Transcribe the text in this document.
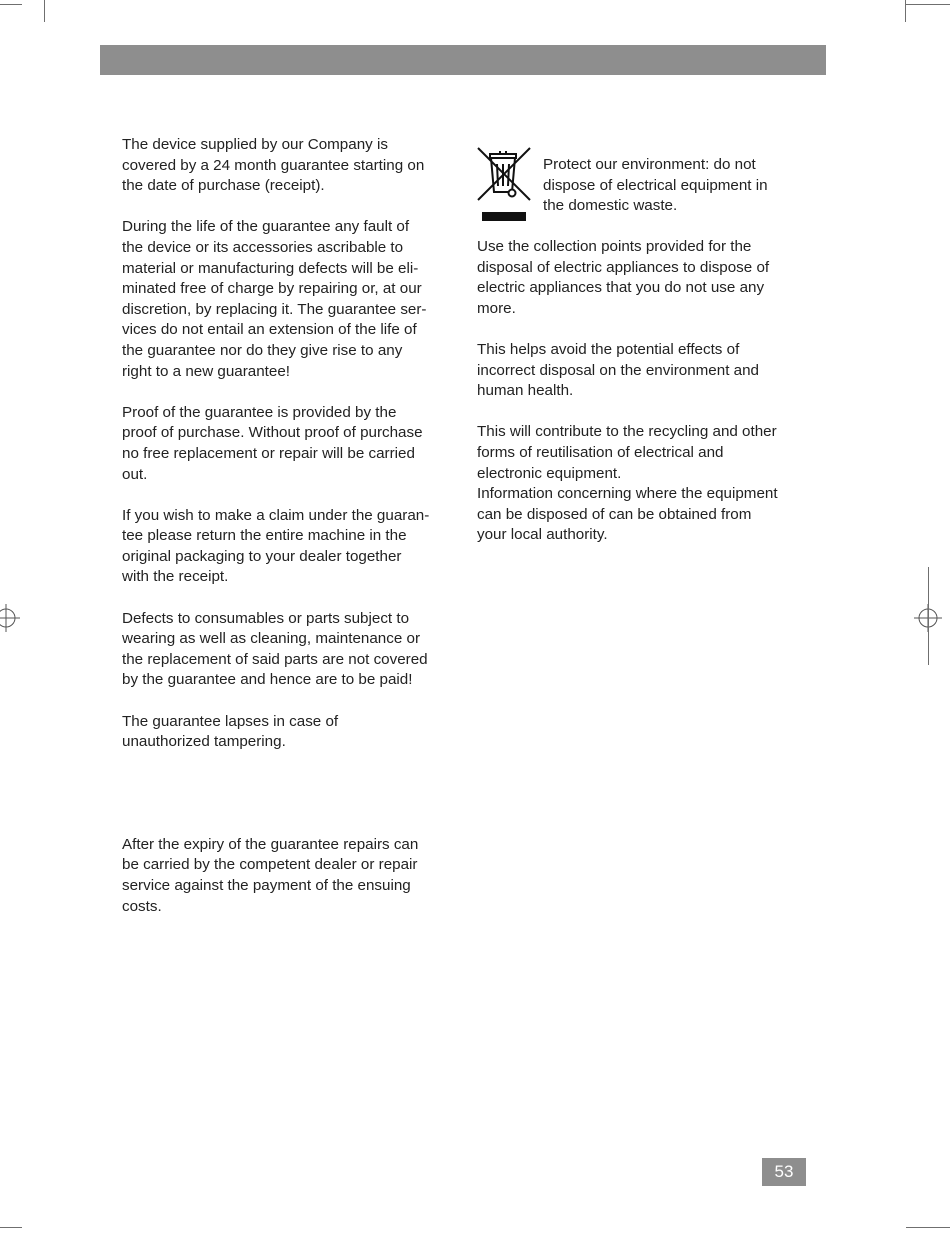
The device supplied by our Company is
covered by a 24 month guarantee starting on
the date of purchase (receipt).

During the life of the guarantee any fault of
the device or its accessories ascribable to
material or manufacturing defects will be eli-
minated free of charge by repairing or, at our
discretion, by replacing it. The guarantee ser-
vices do not entail an extension of the life of
the guarantee nor do they give rise to any
right to a new guarantee!

Proof of the guarantee is provided by the
proof of purchase. Without proof of purchase
no free replacement or repair will be carried
out.

If you wish to make a claim under the guaran-
tee please return the entire machine in the
original packaging to your dealer together
with the receipt.

Defects to consumables or parts subject to
wearing as well as cleaning, maintenance or
the replacement of said parts are not covered
by the guarantee and hence are to be paid!

The guarantee lapses in case of
unauthorized tampering.

After the expiry of the guarantee repairs can
be carried by the competent dealer or repair
service against the payment of the ensuing
costs.

Protect our environment: do not
dispose of electrical equipment in
the domestic waste.

Use the collection points provided for the
disposal of electric appliances to dispose of
electric appliances that you do not use any
more.

This helps avoid the potential effects of
incorrect disposal on the environment and
human health.

This will contribute to the recycling and other
forms of reutilisation of electrical and
electronic equipment.
Information concerning where the equipment
can be disposed of can be obtained from
your local authority.

53
